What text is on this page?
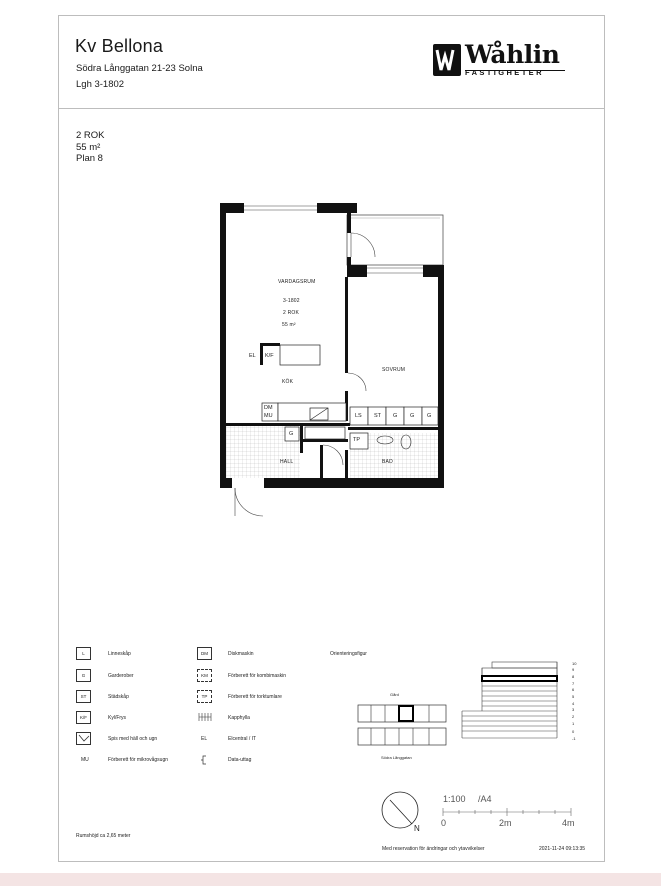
Kv Bellona
Södra Långgatan 21-23 Solna
Lgh 3-1802
Wåhlin
FASTIGHETER
2 ROK
55 m²
Plan 8
VARDAGSRUM
3-1802
2 ROK
55 m²
KÖK
SOVRUM
HALL	BAD
EL K/F
DM
MU
G
LS ST G G G
TP
L	Linneskåp
G	Garderober
ST	Städskåp
K/F	Kyl/Frys
Spis med häll och ugn
MU	Förberett för mikrovågsugn
DM	Diskmaskin
KM	Förberett för kombimaskin
TP	Förberett för torktumlare
Kapphylla
EL	Elcentral / IT
Data-uttag
Orienteringsfigur
Gård
Södra Långgatan
10
9
8
7
6
5
4
3
2
1
0
-1
N
1:100 /A4
0	2m	4m
Rumshöjd ca 2,65 meter
Med reservation för ändringar och ytavvikelser	2021-11-24 09:13:35
